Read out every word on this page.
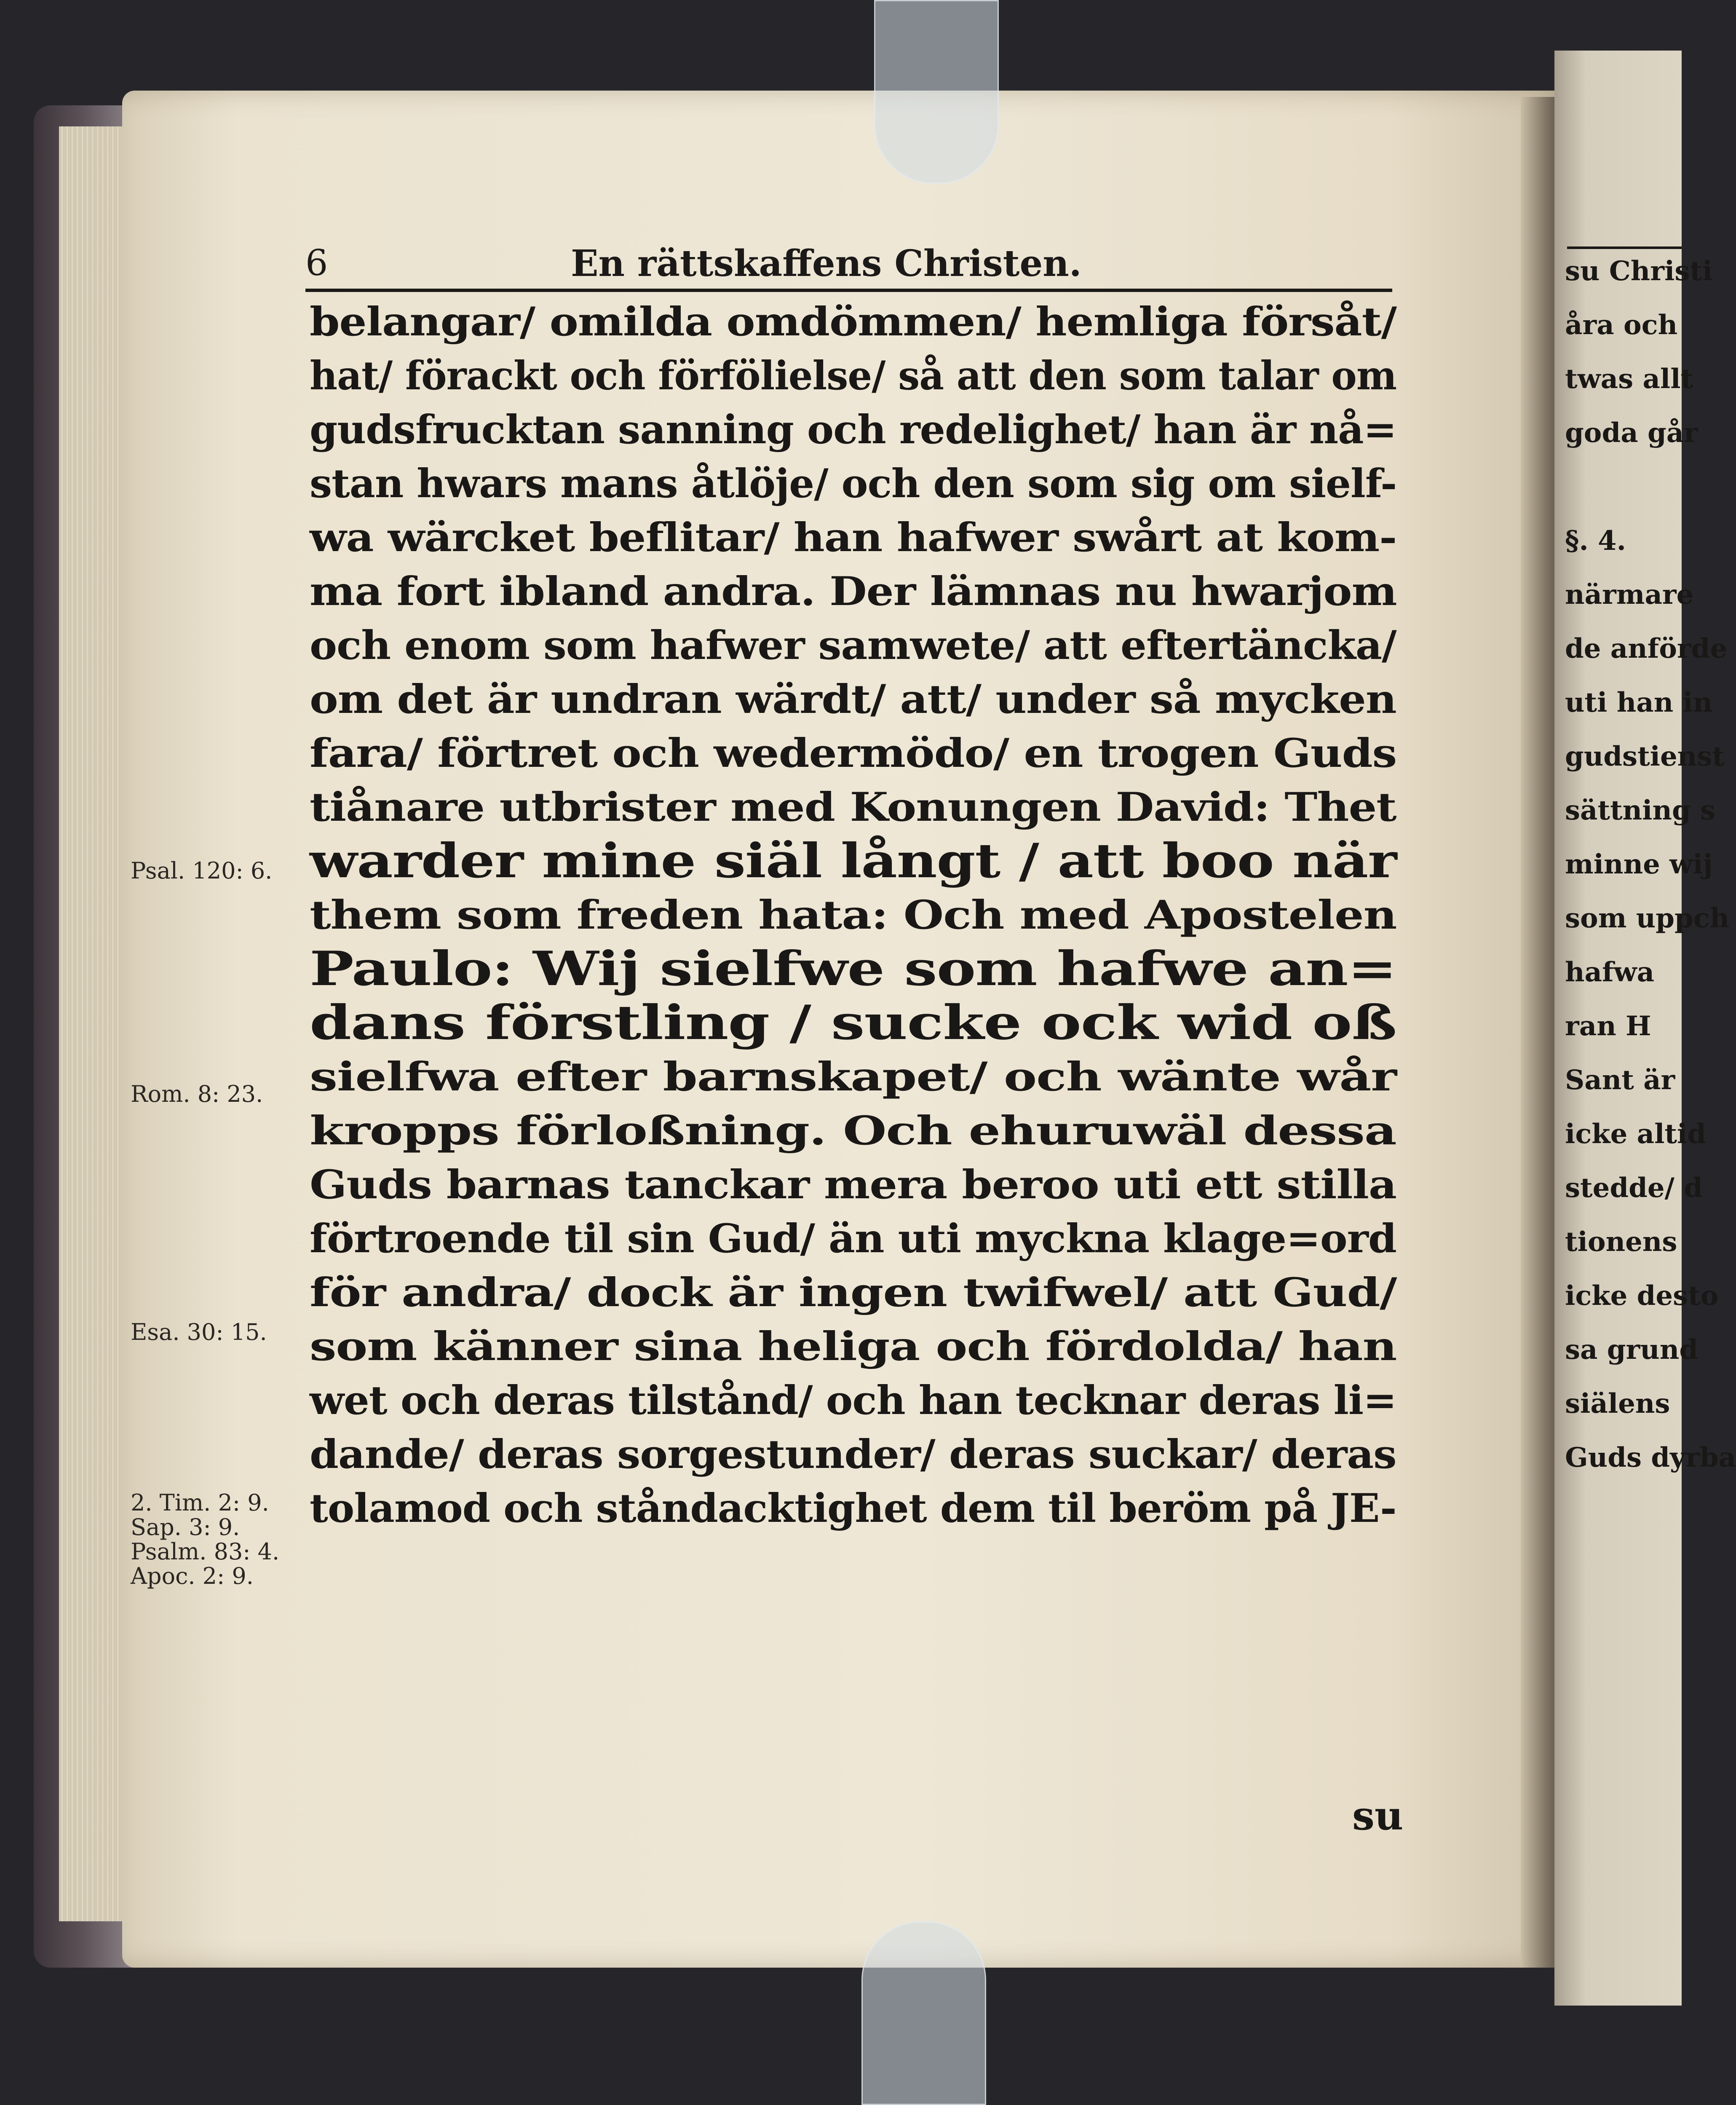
6	En rättskaffens Christen.
belangar/ omilda omdömmen/ hemliga försåt/
hat/ förackt och förfölielse/ så att den som talar om
gudsfrucktan sanning och redelighet/ han är nå=
stan hwars mans åtlöje/ och den som sig om sielf-
wa wärcket beflitar/ han hafwer swårt at kom-
ma fort ibland andra. Der lämnas nu hwarjom
och enom som hafwer samwete/ att eftertäncka/
om det är undran wärdt/ att/ under så mycken
fara/ förtret och wedermödo/ en trogen Guds
tiånare utbrister med Konungen David: Thet
warder mine siäl långt / att boo när
them som freden hata: Och med Apostelen
Paulo: Wij sielfwe som hafwe an=
dans förstling / sucke ock wid oß
sielfwa efter barnskapet/ och wänte wår
kropps förloßning. Och ehuruwäl dessa
Guds barnas tanckar mera beroo uti ett stilla
förtroende til sin Gud/ än uti myckna klage=ord
för andra/ dock är ingen twifwel/ att Gud/
som känner sina heliga och fördolda/ han
wet och deras tilstånd/ och han tecknar deras li=
dande/ deras sorgestunder/ deras suckar/ deras
tolamod och ståndacktighet dem til beröm på JE-
su
Psal. 120: 6.
Rom. 8: 23.
Esa. 30: 15.
2. Tim. 2: 9.
Sap. 3: 9.
Psalm. 83: 4.
Apoc. 2: 9.
su Christi
åra och
twas allt
goda går
§. 4.
närmare
de anförde
uti han in
gudstienst
sättning s
minne wij
som uppch
hafwa
ran H
Sant är
icke altid
stedde/ d
tionens
icke desto
sa grund
siälens
Guds dyrba
